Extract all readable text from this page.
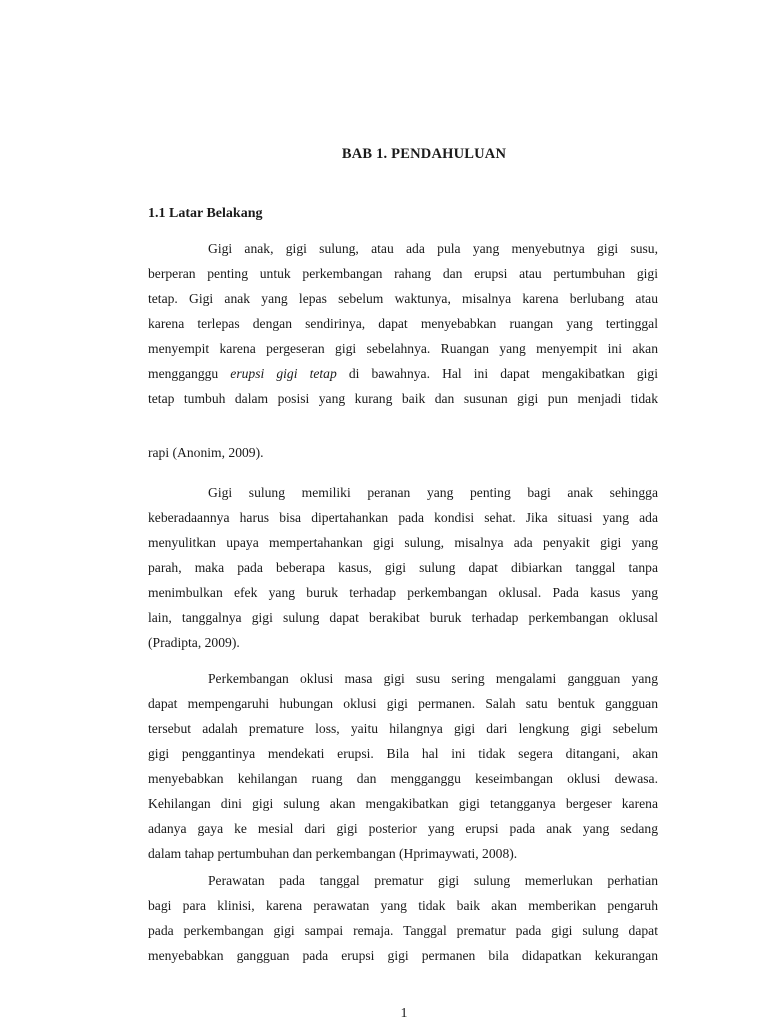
BAB 1. PENDAHULUAN
1.1 Latar Belakang
Gigi anak, gigi sulung, atau ada pula yang menyebutnya gigi susu,
berperan penting untuk perkembangan rahang dan erupsi atau pertumbuhan gigi
tetap. Gigi anak yang lepas sebelum waktunya, misalnya karena berlubang atau
karena terlepas dengan sendirinya, dapat menyebabkan ruangan yang tertinggal
menyempit karena pergeseran gigi sebelahnya. Ruangan yang menyempit ini akan
mengganggu erupsi gigi tetap di bawahnya. Hal ini dapat mengakibatkan gigi
tetap tumbuh dalam posisi yang kurang baik dan susunan gigi pun menjadi tidak
rapi (Anonim, 2009).
Gigi sulung memiliki peranan yang penting bagi anak sehingga
keberadaannya harus bisa dipertahankan pada kondisi sehat. Jika situasi yang ada
menyulitkan upaya mempertahankan gigi sulung, misalnya ada penyakit gigi yang
parah, maka pada beberapa kasus, gigi sulung dapat dibiarkan tanggal tanpa
menimbulkan efek yang buruk terhadap perkembangan oklusal. Pada kasus yang
lain, tanggalnya gigi sulung dapat berakibat buruk terhadap perkembangan oklusal
(Pradipta, 2009).
Perkembangan oklusi masa gigi susu sering mengalami gangguan yang
dapat mempengaruhi hubungan oklusi gigi permanen. Salah satu bentuk gangguan
tersebut adalah premature loss, yaitu hilangnya gigi dari lengkung gigi sebelum
gigi penggantinya mendekati erupsi. Bila hal ini tidak segera ditangani, akan
menyebabkan kehilangan ruang dan mengganggu keseimbangan oklusi dewasa.
Kehilangan dini gigi sulung akan mengakibatkan gigi tetangganya bergeser karena
adanya gaya ke mesial dari gigi posterior yang erupsi pada anak yang sedang
dalam tahap pertumbuhan dan perkembangan (Hprimaywati, 2008).
Perawatan pada tanggal prematur gigi sulung memerlukan perhatian
bagi para klinisi, karena perawatan yang tidak baik akan memberikan pengaruh
pada perkembangan gigi sampai remaja. Tanggal prematur pada gigi sulung dapat
menyebabkan gangguan pada erupsi gigi permanen bila didapatkan kekurangan
1
